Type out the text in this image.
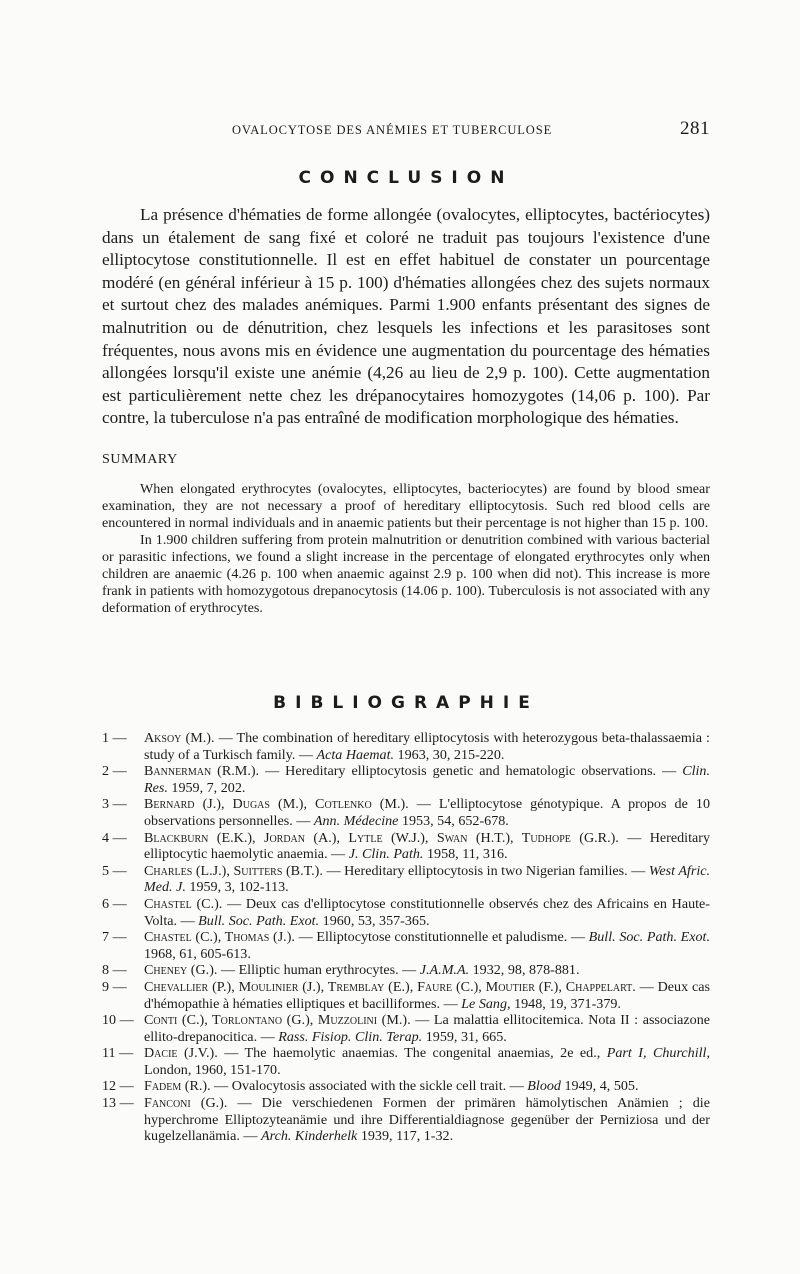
OVALOCYTOSE DES ANÉMIES ET TUBERCULOSE	281
CONCLUSION

La présence d'hématies de forme allongée (ovalocytes, elliptocytes, bactériocytes) dans un étalement de sang fixé et coloré ne traduit pas toujours l'existence d'une elliptocytose constitutionnelle. Il est en effet habituel de constater un pourcentage modéré (en général inférieur à 15 p. 100) d'hématies allongées chez des sujets normaux et surtout chez des malades anémiques. Parmi 1.900 enfants présentant des signes de malnutrition ou de dénutrition, chez lesquels les infections et les parasitoses sont fréquentes, nous avons mis en évidence une augmentation du pourcentage des hématies allongées lorsqu'il existe une anémie (4,26 au lieu de 2,9 p. 100). Cette augmentation est particulièrement nette chez les drépanocytaires homozygotes (14,06 p. 100). Par contre, la tuberculose n'a pas entraîné de modification morphologique des hématies.

SUMMARY

When elongated erythrocytes (ovalocytes, elliptocytes, bacteriocytes) are found by blood smear examination, they are not necessary a proof of hereditary elliptocytosis. Such red blood cells are encountered in normal individuals and in anaemic patients but their percentage is not higher than 15 p. 100.

In 1.900 children suffering from protein malnutrition or denutrition combined with various bacterial or parasitic infections, we found a slight increase in the percentage of elongated erythrocytes only when children are anaemic (4.26 p. 100 when anaemic against 2.9 p. 100 when did not). This increase is more frank in patients with homozygotous drepanocytosis (14.06 p. 100). Tuberculosis is not associated with any deformation of erythrocytes.

BIBLIOGRAPHIE
1 —	Aksoy (M.). — The combination of hereditary elliptocytosis with heterozygous beta-thalassaemia : study of a Turkisch family. — Acta Haemat. 1963, 30, 215-220.
2 —	Bannerman (R.M.). — Hereditary elliptocytosis genetic and hematologic observations. — Clin. Res. 1959, 7, 202.
3 —	Bernard (J.), Dugas (M.), Cotlenko (M.). — L'elliptocytose génotypique. A propos de 10 observations personnelles. — Ann. Médecine 1953, 54, 652-678.
4 —	Blackburn (E.K.), Jordan (A.), Lytle (W.J.), Swan (H.T.), Tudhope (G.R.). — Hereditary elliptocytic haemolytic anaemia. — J. Clin. Path. 1958, 11, 316.
5 —	Charles (L.J.), Suitters (B.T.). — Hereditary elliptocytosis in two Nigerian families. — West Afric. Med. J. 1959, 3, 102-113.
6 —	Chastel (C.). — Deux cas d'elliptocytose constitutionnelle observés chez des Africains en Haute-Volta. — Bull. Soc. Path. Exot. 1960, 53, 357-365.
7 —	Chastel (C.), Thomas (J.). — Elliptocytose constitutionnelle et paludisme. — Bull. Soc. Path. Exot. 1968, 61, 605-613.
8 —	Cheney (G.). — Elliptic human erythrocytes. — J.A.M.A. 1932, 98, 878-881.
9 —	Chevallier (P.), Moulinier (J.), Tremblay (E.), Faure (C.), Moutier (F.), Chappelart. — Deux cas d'hémopathie à hématies elliptiques et bacilliformes. — Le Sang, 1948, 19, 371-379.
10 — Conti (C.), Torlontano (G.), Muzzolini (M.). — La malattia ellitocitemica. Nota II : associazone ellito-drepanocitica. — Rass. Fisiop. Clin. Terap. 1959, 31, 665.
11 — Dacie (J.V.). — The haemolytic anaemias. The congenital anaemias, 2e ed., Part I, Churchill, London, 1960, 151-170.
12 — Fadem (R.). — Ovalocytosis associated with the sickle cell trait. — Blood 1949, 4, 505.
13 — Fanconi (G.). — Die verschiedenen Formen der primären hämolytischen Anämien ; die hyperchrome Elliptozyteanämie und ihre Differentialdiagnose gegenüber der Perniziosa und der kugelzellanämia. — Arch. Kinderhelk 1939, 117, 1-32.
